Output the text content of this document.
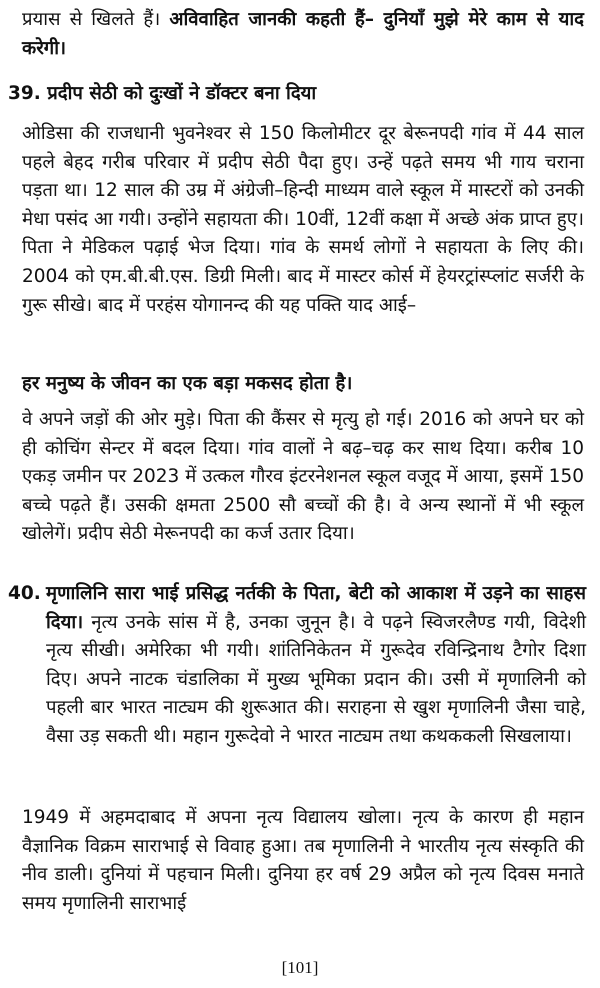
प्रयास से खिलते हैं। अविवाहित जानकी कहती हैं– दुनियाँ मुझे मेरे काम से याद करेगी।

39. प्रदीप सेठी को दुःखों ने डॉक्टर बना दिया

ओडिसा की राजधानी भुवनेश्वर से 150 किलोमीटर दूर बेरूनपदी गांव में 44 साल पहले बेहद गरीब परिवार में प्रदीप सेठी पैदा हुए। उन्हें पढ़ते समय भी गाय चराना पड़ता था। 12 साल की उम्र में अंग्रेजी–हिन्दी माध्यम वाले स्कूल में मास्टरों को उनकी मेधा पसंद आ गयी। उन्होंने सहायता की। 10वीं, 12वीं कक्षा में अच्छे अंक प्राप्त हुए। पिता ने मेडिकल पढ़ाई भेज दिया। गांव के समर्थ लोगों ने सहायता के लिए की। 2004 को एम.बी.बी.एस. डिग्री मिली। बाद में मास्टर कोर्स में हेयरट्रांस्प्लांट सर्जरी के गुरू सीखे। बाद में परहंस योगानन्द की यह पक्ति याद आई–

हर मनुष्य के जीवन का एक बड़ा मकसद होता है।

वे अपने जड़ों की ओर मुड़े। पिता की कैंसर से मृत्यु हो गई। 2016 को अपने घर को ही कोचिंग सेन्टर में बदल दिया। गांव वालों ने बढ़–चढ़ कर साथ दिया। करीब 10 एकड़ जमीन पर 2023 में उत्कल गौरव इंटरनेशनल स्कूल वजूद में आया, इसमें 150 बच्चे पढ़ते हैं। उसकी क्षमता 2500 सौ बच्चों की है। वे अन्य स्थानों में भी स्कूल खोलेगें। प्रदीप सेठी मेरूनपदी का कर्ज उतार दिया।

40. मृणालिनि सारा भाई प्रसिद्ध नर्तकी के पिता, बेटी को आकाश में उड़ने का साहस दिया। नृत्य उनके सांस में है, उनका जुनून है। वे पढ़ने स्विजरलैण्ड गयी, विदेशी नृत्य सीखी। अमेरिका भी गयी। शांतिनिकेतन में गुरूदेव रविन्द्रिनाथ टैगोर दिशा दिए। अपने नाटक चंडालिका में मुख्य भूमिका प्रदान की। उसी में मृणालिनी को पहली बार भारत नाट्यम की शुरूआत की। सराहना से खुश मृणालिनी जैसा चाहे, वैसा उड़ सकती थी। महान गुरूदेवो ने भारत नाट्यम तथा कथककली सिखलाया।

1949 में अहमदाबाद में अपना नृत्य विद्यालय खोला। नृत्य के कारण ही महान वैज्ञानिक विक्रम साराभाई से विवाह हुआ। तब मृणालिनी ने भारतीय नृत्य संस्कृति की नीव डाली। दुनियां में पहचान मिली। दुनिया हर वर्ष 29 अप्रैल को नृत्य दिवस मनाते समय मृणालिनी साराभाई

[101]
